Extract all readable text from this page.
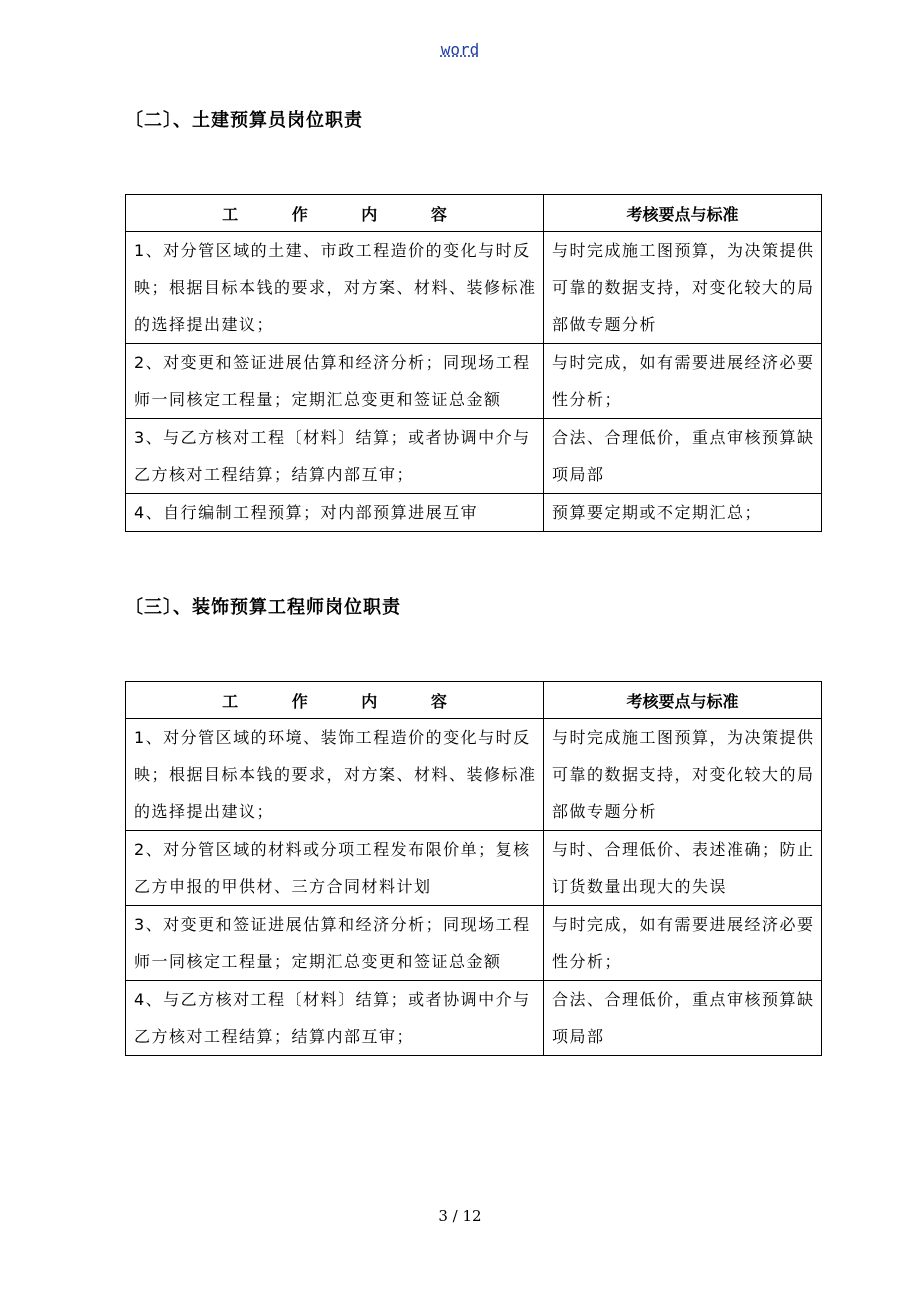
word
〔二〕、土建预算员岗位职责
工 作 内 容	考核要点与标准
1、对分管区域的土建、市政工程造价的变化与时反映；根据目标本钱的要求，对方案、材料、装修标准的选择提出建议；	与时完成施工图预算，为决策提供可靠的数据支持，对变化较大的局部做专题分析
2、对变更和签证进展估算和经济分析；同现场工程师一同核定工程量；定期汇总变更和签证总金额	与时完成，如有需要进展经济必要性分析；
3、与乙方核对工程〔材料〕结算；或者协调中介与乙方核对工程结算；结算内部互审；	合法、合理低价，重点审核预算缺项局部
4、自行编制工程预算；对内部预算进展互审	预算要定期或不定期汇总；
〔三〕、装饰预算工程师岗位职责
工 作 内 容	考核要点与标准
1、对分管区域的环境、装饰工程造价的变化与时反映；根据目标本钱的要求，对方案、材料、装修标准的选择提出建议；	与时完成施工图预算，为决策提供可靠的数据支持，对变化较大的局部做专题分析
2、对分管区域的材料或分项工程发布限价单；复核乙方申报的甲供材、三方合同材料计划	与时、合理低价、表述准确；防止订货数量出现大的失误
3、对变更和签证进展估算和经济分析；同现场工程师一同核定工程量；定期汇总变更和签证总金额	与时完成，如有需要进展经济必要性分析；
4、与乙方核对工程〔材料〕结算；或者协调中介与乙方核对工程结算；结算内部互审；	合法、合理低价，重点审核预算缺项局部
3 / 12
